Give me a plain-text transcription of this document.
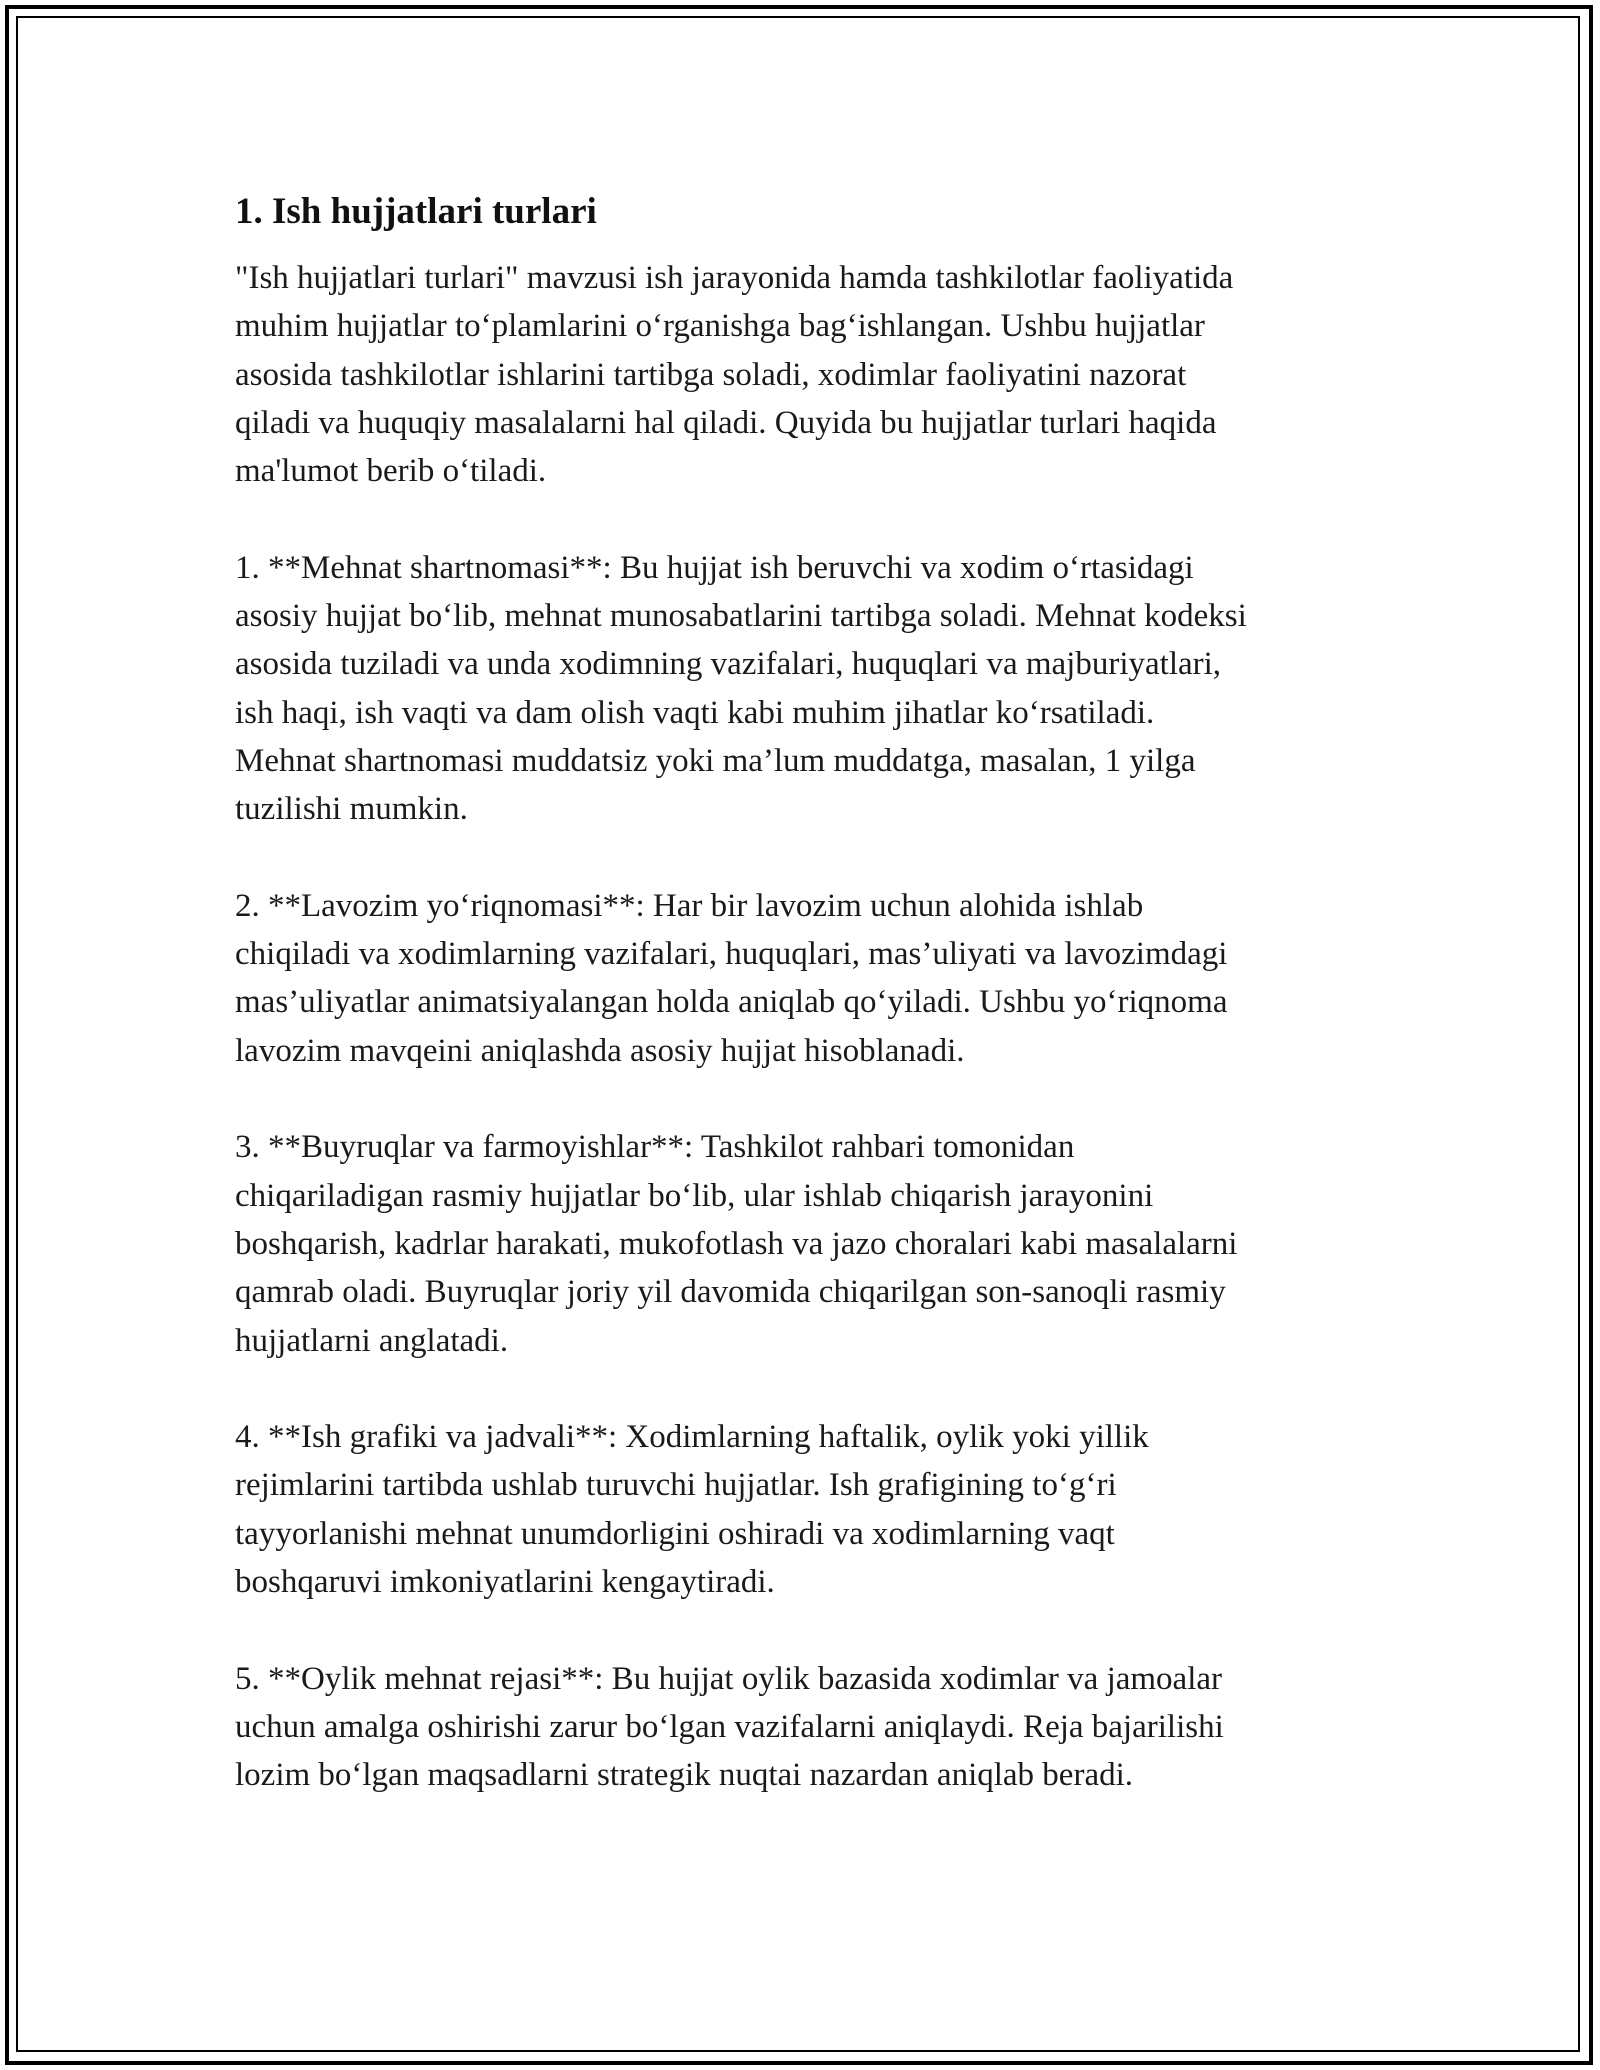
1. Ish hujjatlari turlari

"Ish hujjatlari turlari" mavzusi ish jarayonida hamda tashkilotlar faoliyatida
muhim hujjatlar to‘plamlarini o‘rganishga bag‘ishlangan. Ushbu hujjatlar
asosida tashkilotlar ishlarini tartibga soladi, xodimlar faoliyatini nazorat
qiladi va huquqiy masalalarni hal qiladi. Quyida bu hujjatlar turlari haqida
ma'lumot berib o‘tiladi.

1. **Mehnat shartnomasi**: Bu hujjat ish beruvchi va xodim o‘rtasidagi
asosiy hujjat bo‘lib, mehnat munosabatlarini tartibga soladi. Mehnat kodeksi
asosida tuziladi va unda xodimning vazifalari, huquqlari va majburiyatlari,
ish haqi, ish vaqti va dam olish vaqti kabi muhim jihatlar ko‘rsatiladi.
Mehnat shartnomasi muddatsiz yoki ma’lum muddatga, masalan, 1 yilga
tuzilishi mumkin.

2. **Lavozim yo‘riqnomasi**: Har bir lavozim uchun alohida ishlab
chiqiladi va xodimlarning vazifalari, huquqlari, mas’uliyati va lavozimdagi
mas’uliyatlar animatsiyalangan holda aniqlab qo‘yiladi. Ushbu yo‘riqnoma
lavozim mavqeini aniqlashda asosiy hujjat hisoblanadi.

3. **Buyruqlar va farmoyishlar**: Tashkilot rahbari tomonidan
chiqariladigan rasmiy hujjatlar bo‘lib, ular ishlab chiqarish jarayonini
boshqarish, kadrlar harakati, mukofotlash va jazo choralari kabi masalalarni
qamrab oladi. Buyruqlar joriy yil davomida chiqarilgan son-sanoqli rasmiy
hujjatlarni anglatadi.

4. **Ish grafiki va jadvali**: Xodimlarning haftalik, oylik yoki yillik
rejimlarini tartibda ushlab turuvchi hujjatlar. Ish grafigining to‘g‘ri
tayyorlanishi mehnat unumdorligini oshiradi va xodimlarning vaqt
boshqaruvi imkoniyatlarini kengaytiradi.

5. **Oylik mehnat rejasi**: Bu hujjat oylik bazasida xodimlar va jamoalar
uchun amalga oshirishi zarur bo‘lgan vazifalarni aniqlaydi. Reja bajarilishi
lozim bo‘lgan maqsadlarni strategik nuqtai nazardan aniqlab beradi.
